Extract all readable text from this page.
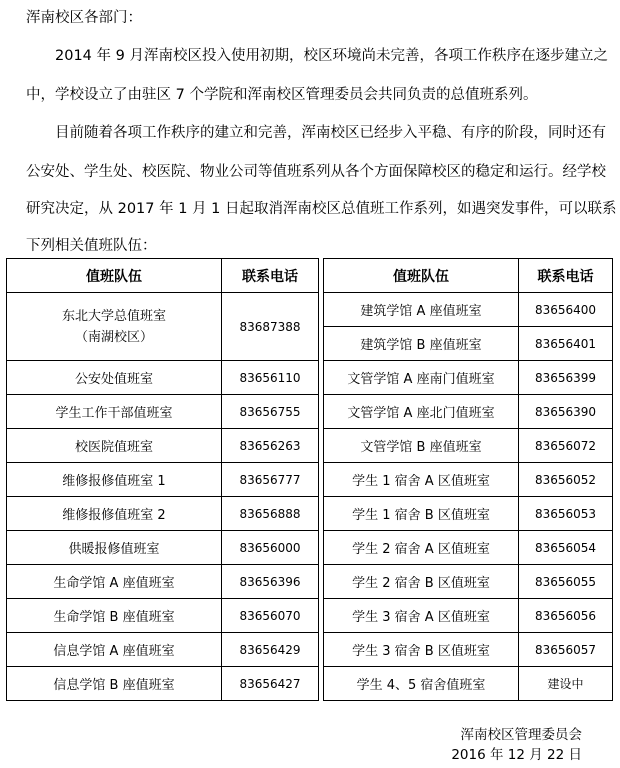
浑南校区各部门：
2014 年 9 月浑南校区投入使用初期，校区环境尚未完善，各项工作秩序在逐步建立之
中，学校设立了由驻区 7 个学院和浑南校区管理委员会共同负责的总值班系列。
目前随着各项工作秩序的建立和完善，浑南校区已经步入平稳、有序的阶段，同时还有
公安处、学生处、校医院、物业公司等值班系列从各个方面保障校区的稳定和运行。经学校
研究决定，从 2017 年 1 月 1 日起取消浑南校区总值班工作系列，如遇突发事件，可以联系
下列相关值班队伍：
值班队伍	联系电话		值班队伍	联系电话

东北大学总值班室
（南湖校区）	83687388		建筑学馆 A 座值班室	83656400
			建筑学馆 B 座值班室	83656401
公安处值班室	83656110		文管学馆 A 座南门值班室	83656399
学生工作干部值班室	83656755		文管学馆 A 座北门值班室	83656390
校医院值班室	83656263		文管学馆 B 座值班室	83656072
维修报修值班室 1	83656777		学生 1 宿舍 A 区值班室	83656052
维修报修值班室 2	83656888		学生 1 宿舍 B 区值班室	83656053
供暖报修值班室	83656000		学生 2 宿舍 A 区值班室	83656054
生命学馆 A 座值班室	83656396		学生 2 宿舍 B 区值班室	83656055
生命学馆 B 座值班室	83656070		学生 3 宿舍 A 区值班室	83656056
信息学馆 A 座值班室	83656429		学生 3 宿舍 B 区值班室	83656057
信息学馆 B 座值班室	83656427		学生 4、5 宿舍值班室	建设中
浑南校区管理委员会
2016 年 12 月 22 日
